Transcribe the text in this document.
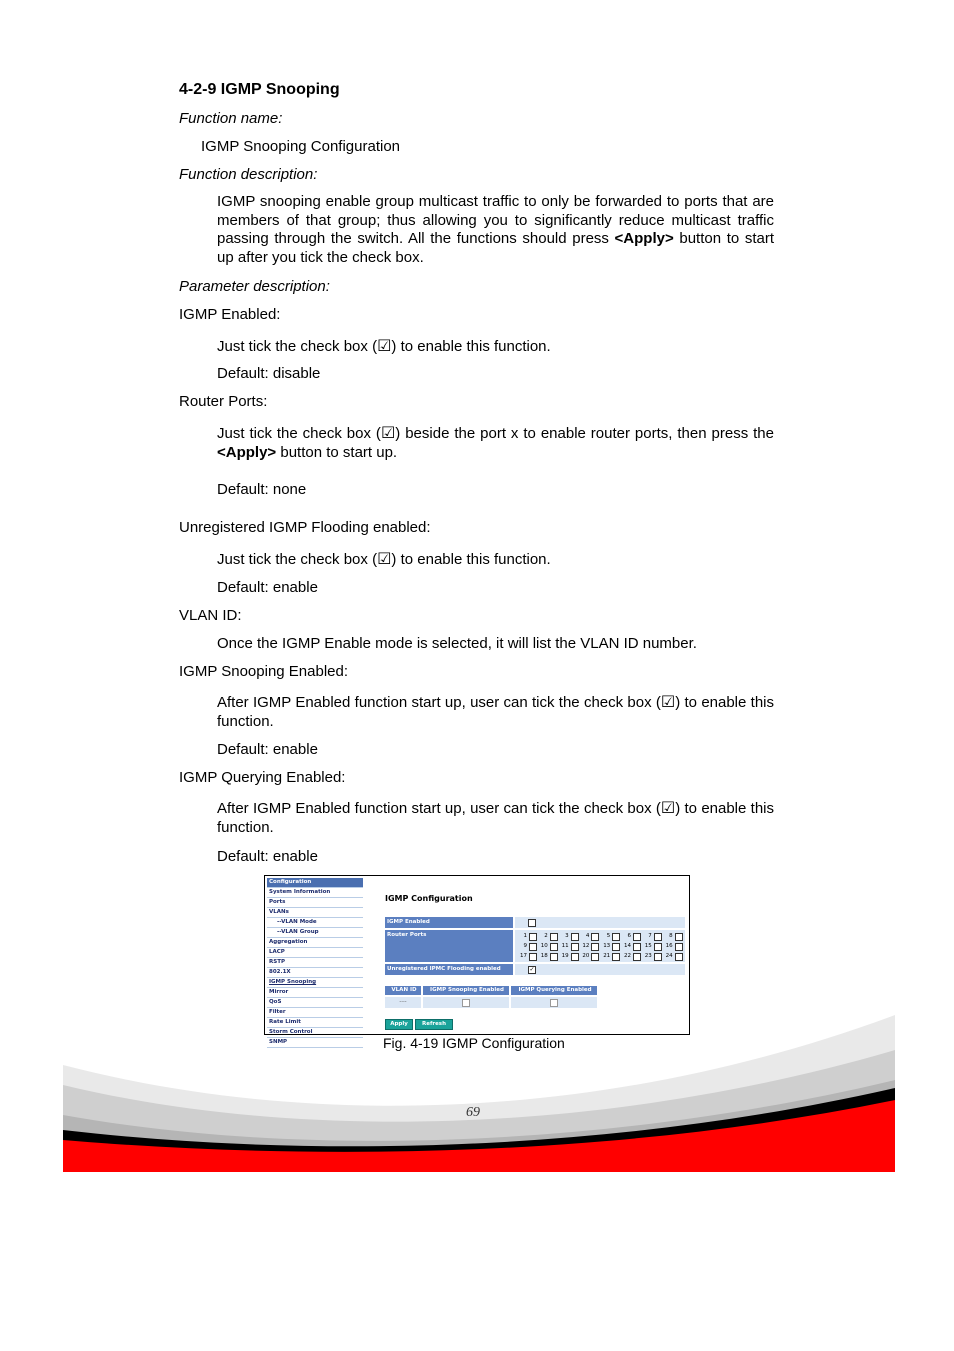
4-2-9 IGMP Snooping
Function name:
IGMP Snooping Configuration
Function description:
IGMP snooping enable group multicast traffic to only be forwarded to ports that are members of that group; thus allowing you to significantly reduce multicast traffic passing through the switch. All the functions should press <Apply> button to start up after you tick the check box.
Parameter description:
IGMP Enabled:
Just tick the check box (☑) to enable this function.
Default: disable
Router Ports:
Just tick the check box (☑) beside the port x to enable router ports, then press the <Apply> button to start up.
Default: none
Unregistered IGMP Flooding enabled:
Just tick the check box (☑) to enable this function.
Default: enable
VLAN ID:
Once the IGMP Enable mode is selected, it will list the VLAN ID number.
IGMP Snooping Enabled:
After IGMP Enabled function start up, user can tick the check box (☑) to enable this function.
Default: enable
IGMP Querying Enabled:
After IGMP Enabled function start up, user can tick the check box (☑) to enable this function.
Default: enable
Configuration
System Information
Ports
VLANs
--VLAN Mode
--VLAN Group
Aggregation
LACP
RSTP
802.1X
IGMP Snooping
Mirror
QoS
Filter
Rate Limit
Storm Control
SNMP
IGMP Configuration
IGMP Enabled
Router Ports	1	2	3	4	5	6	7	8
9	10	11	12	13	14	15	16
17	18	19	20	21	22	23	24
Unregistered IPMC Flooding enabled	✓
VLAN ID	IGMP Snooping Enabled	IGMP Querying Enabled
----
Apply	Refresh
Fig. 4-19 IGMP Configuration
69
